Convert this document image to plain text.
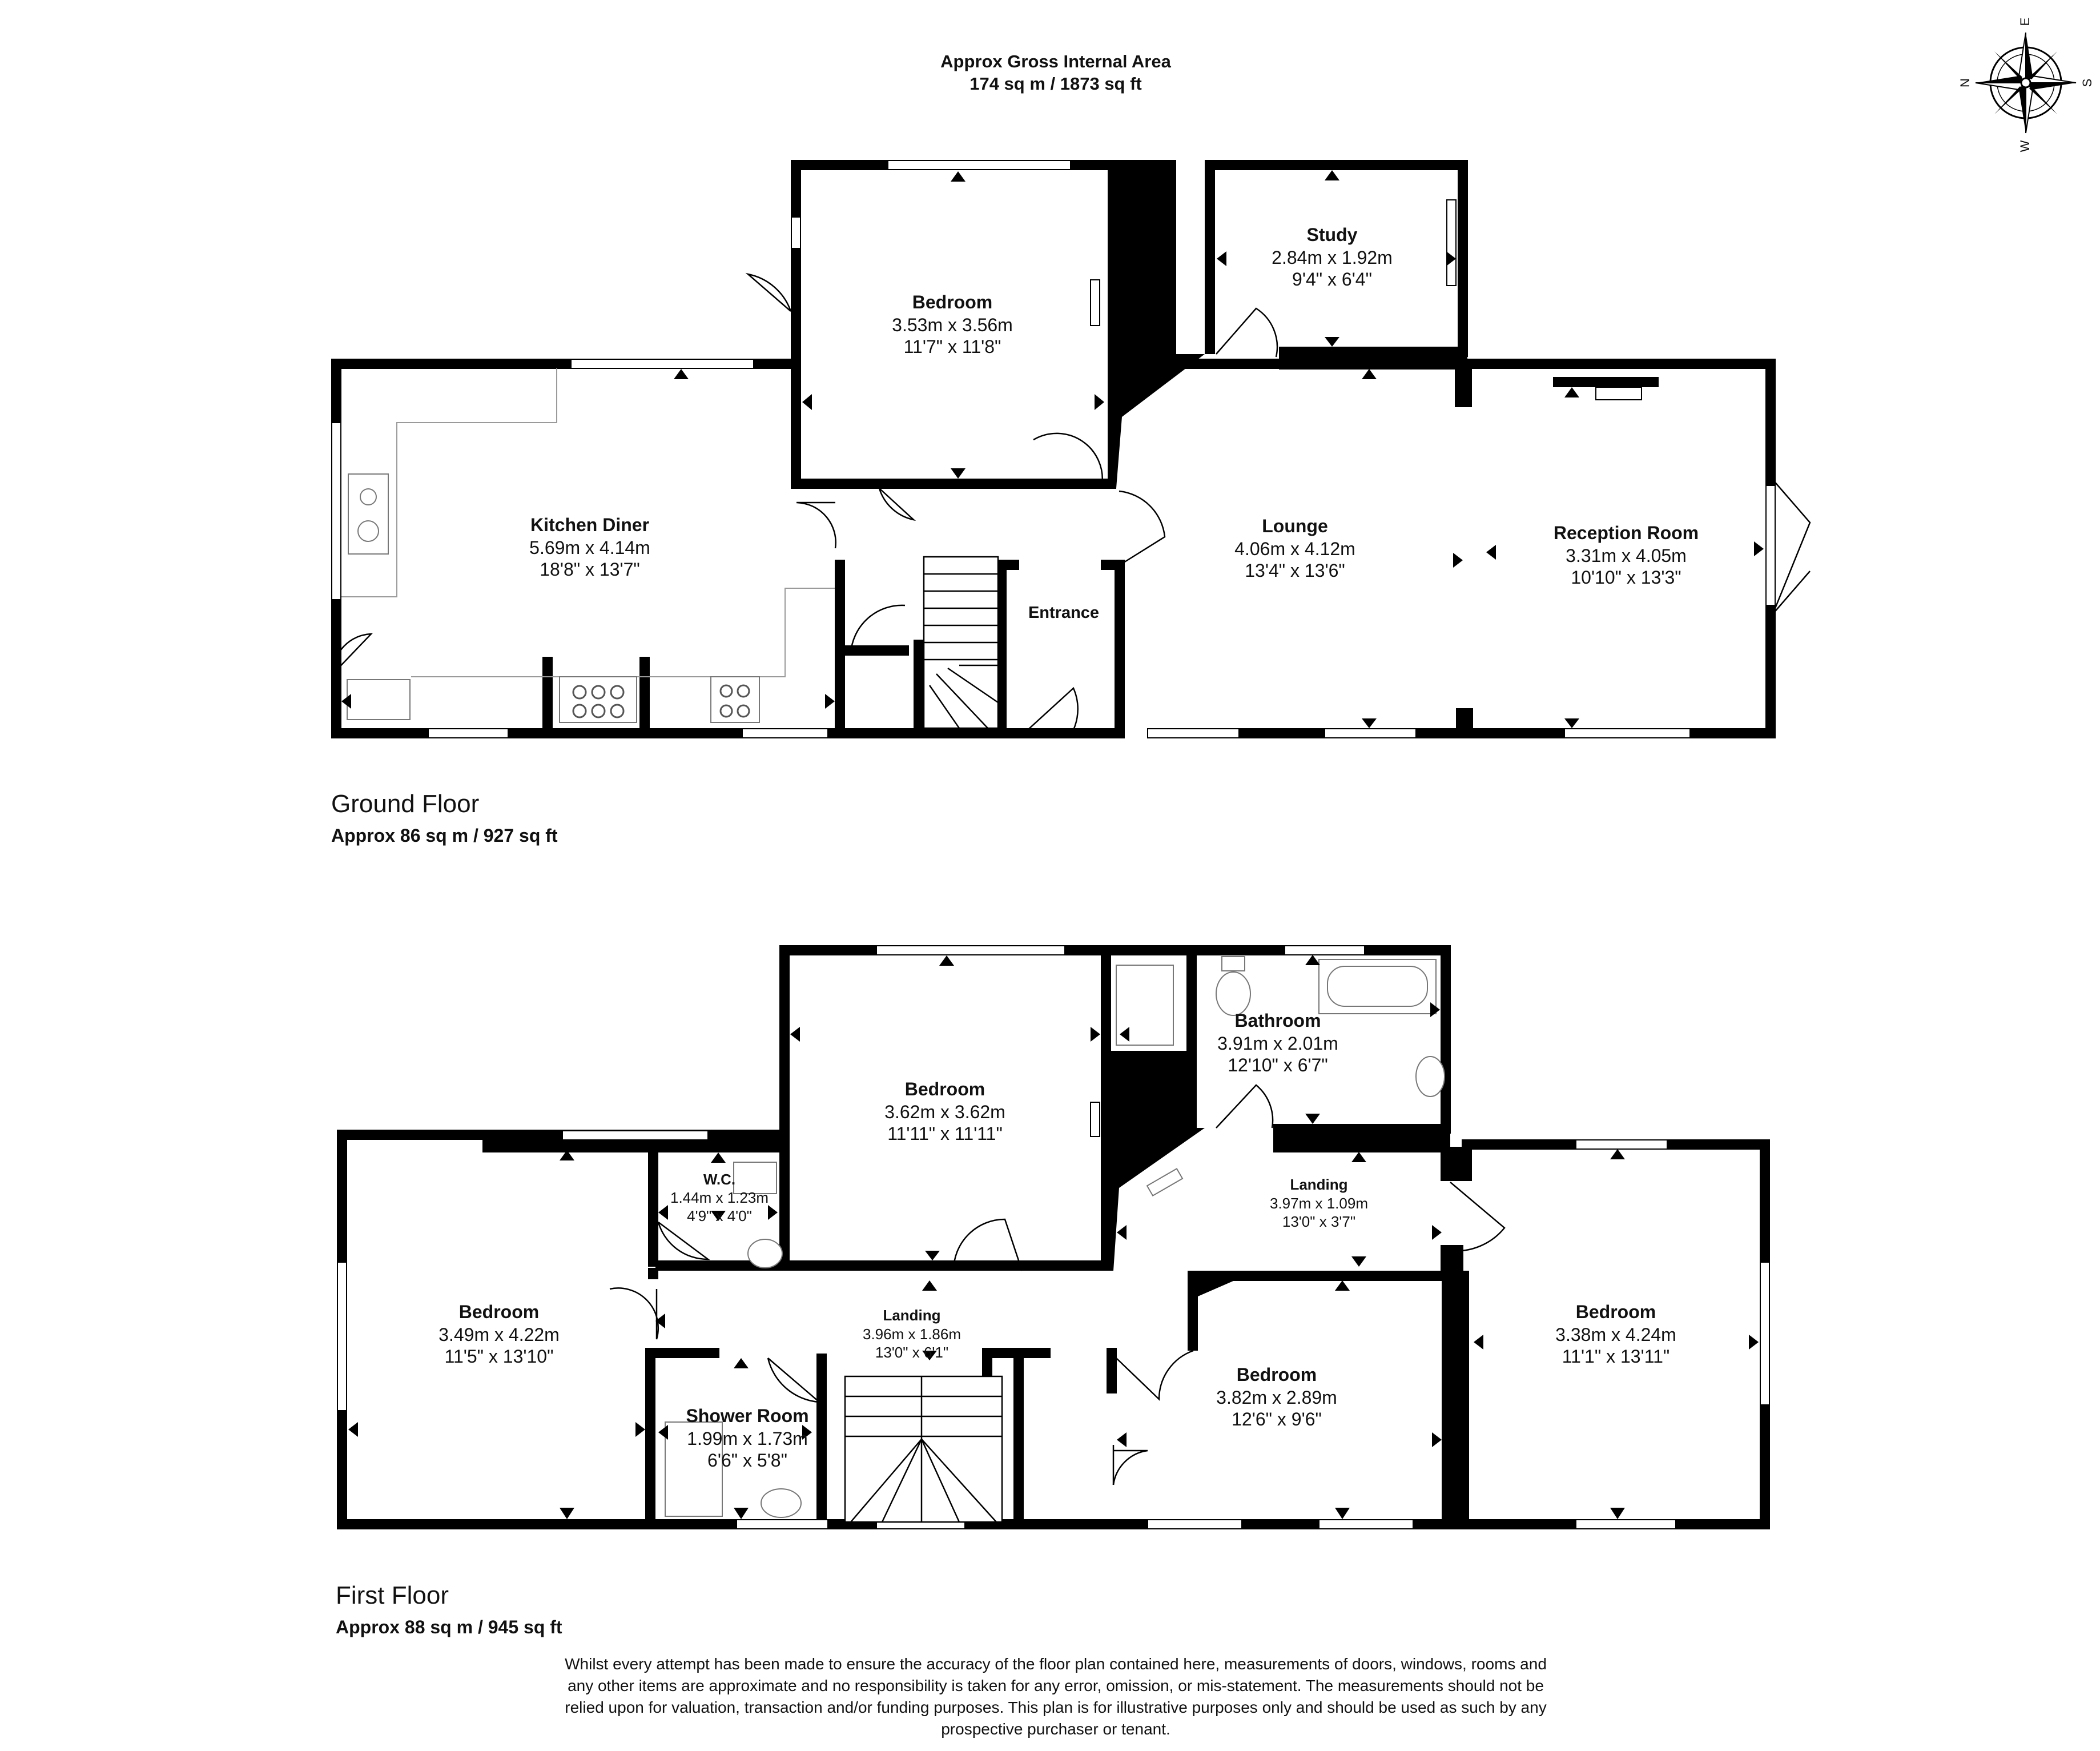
Approx Gross Internal Area
174 sq m / 1873 sq ft
E
W
N	S
Bedroom
3.53m x 3.56m
11'7" x 11'8"
Study
2.84m x 1.92m
9'4" x 6'4"
Kitchen Diner
5.69m x 4.14m
18'8" x 13'7"
Lounge
4.06m x 4.12m
13'4" x 13'6"
Reception Room
3.31m x 4.05m
10'10" x 13'3"
Entrance
Ground Floor
Approx 86 sq m / 927 sq ft
Bedroom
3.62m x 3.62m
11'11" x 11'11"
Bathroom
3.91m x 2.01m
12'10" x 6'7"
W.C.
1.44m x 1.23m
4'9" x 4'0"
Landing
3.97m x 1.09m
13'0" x 3'7"
Bedroom
3.49m x 4.22m
11'5" x 13'10"
Landing
3.96m x 1.86m
13'0" x 6'1"
Shower Room
1.99m x 1.73m
6'6" x 5'8"
Bedroom
3.82m x 2.89m
12'6" x 9'6"
Bedroom
3.38m x 4.24m
11'1" x 13'11"
First Floor
Approx 88 sq m / 945 sq ft
Whilst every attempt has been made to ensure the accuracy of the floor plan contained here, measurements of doors, windows, rooms and
any other items are approximate and no responsibility is taken for any error, omission, or mis-statement. The measurements should not be
relied upon for valuation, transaction and/or funding purposes. This plan is for illustrative purposes only and should be used as such by any
prospective purchaser or tenant.
